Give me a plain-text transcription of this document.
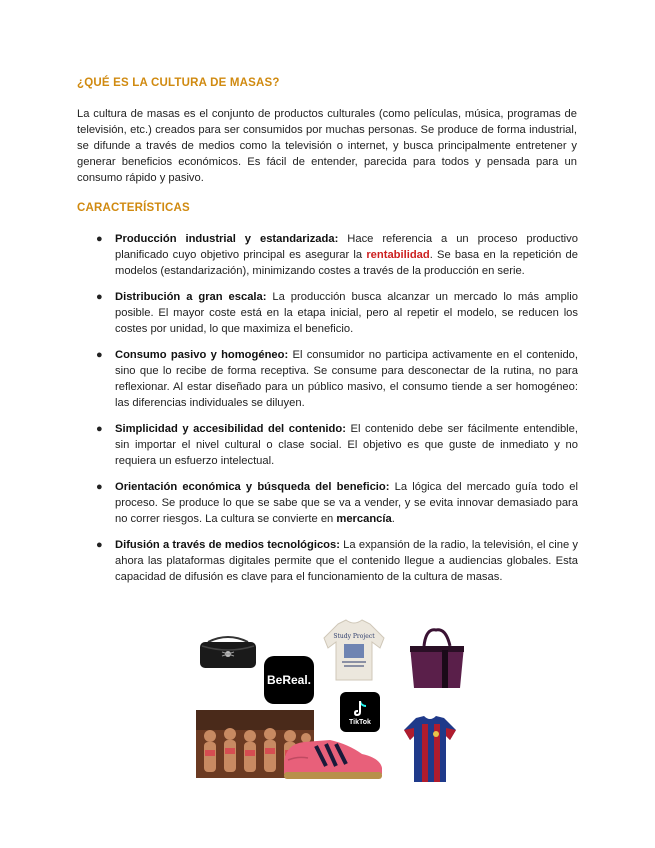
¿QUÉ ES LA CULTURA DE MASAS?
La cultura de masas es el conjunto de productos culturales (como películas, música, programas de televisión, etc.) creados para ser consumidos por muchas personas. Se produce de forma industrial, se difunde a través de medios como la televisión o internet, y busca principalmente entretener y generar beneficios económicos. Es fácil de entender, parecida para todos y pensada para un consumo rápido y pasivo.
CARACTERÍSTICAS
● Producción industrial y estandarizada: Hace referencia a un proceso productivo planificado cuyo objetivo principal es asegurar la rentabilidad. Se basa en la repetición de modelos (estandarización), minimizando costes a través de la producción en serie.
● Distribución a gran escala: La producción busca alcanzar un mercado lo más amplio posible. El mayor coste está en la etapa inicial, pero al repetir el modelo, se reducen los costes por unidad, lo que maximiza el beneficio.
● Consumo pasivo y homogéneo: El consumidor no participa activamente en el contenido, sino que lo recibe de forma receptiva. Se consume para desconectar de la rutina, no para reflexionar. Al estar diseñado para un público masivo, el consumo tiende a ser homogéneo: las diferencias individuales se diluyen.
● Simplicidad y accesibilidad del contenido: El contenido debe ser fácilmente entendible, sin importar el nivel cultural o clase social. El objetivo es que guste de inmediato y no requiera un esfuerzo intelectual.
● Orientación económica y búsqueda del beneficio: La lógica del mercado guía todo el proceso. Se produce lo que se sabe que se va a vender, y se evita innovar demasiado para no correr riesgos. La cultura se convierte en mercancía.
● Difusión a través de medios tecnológicos: La expansión de la radio, la televisión, el cine y ahora las plataformas digitales permite que el contenido llegue a audiencias globales. Esta capacidad de difusión es clave para el funcionamiento de la cultura de masas.
BeReal.
Study Project
TikTok
